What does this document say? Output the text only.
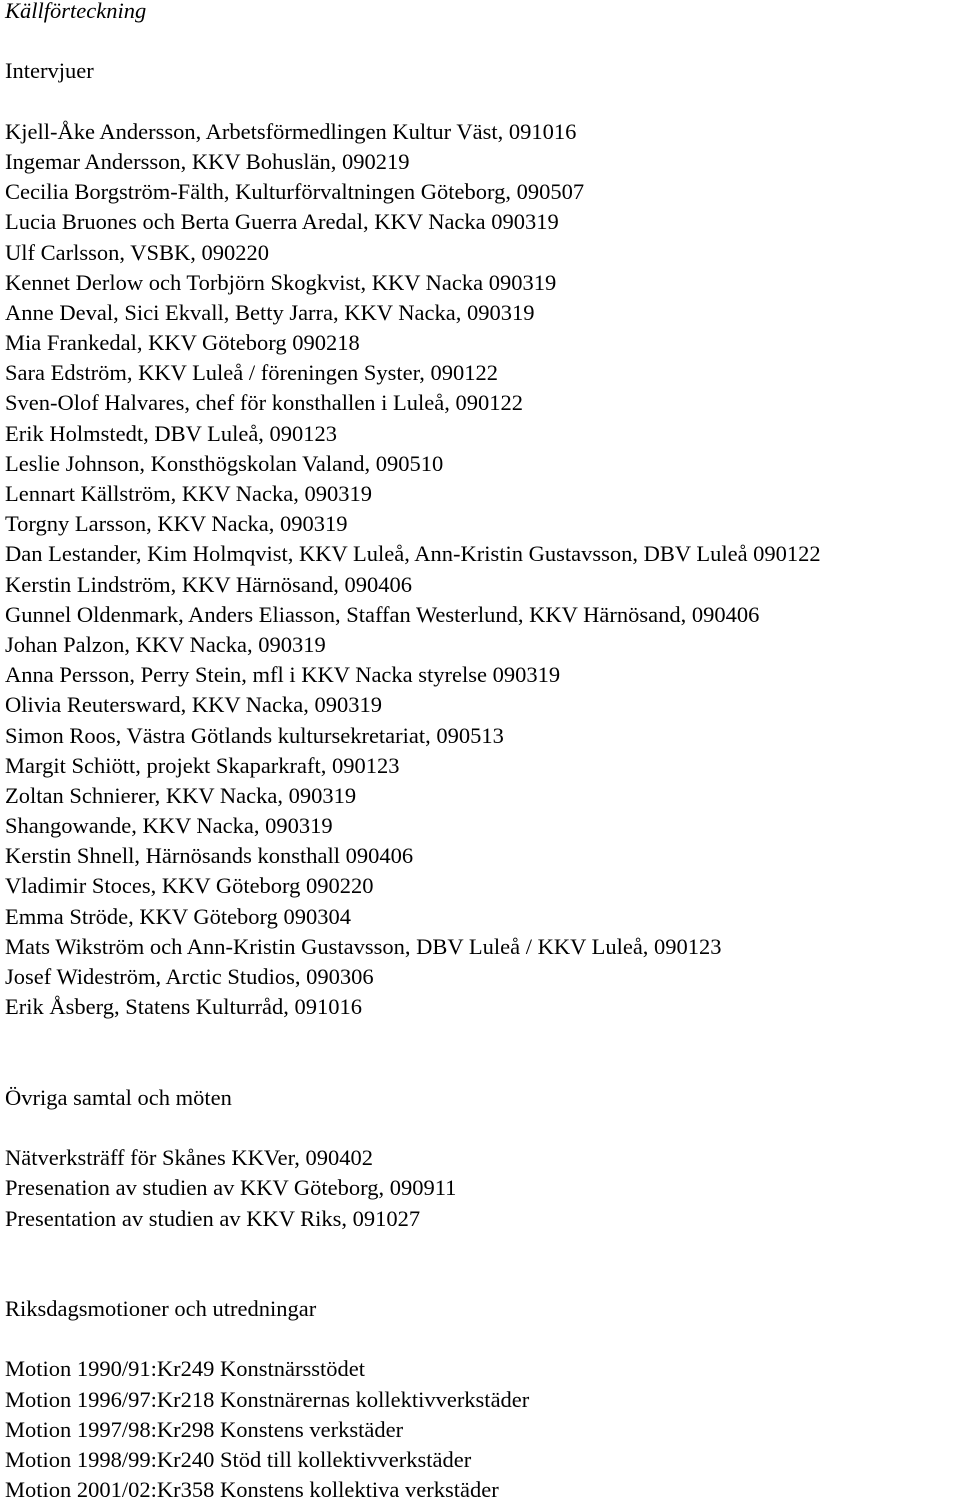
Källförteckning
Intervjuer
Kjell-Åke Andersson, Arbetsförmedlingen Kultur Väst, 091016
Ingemar Andersson, KKV Bohuslän, 090219
Cecilia Borgström-Fälth, Kulturförvaltningen Göteborg, 090507
Lucia Bruones och Berta Guerra Aredal, KKV Nacka 090319
Ulf Carlsson, VSBK, 090220
Kennet Derlow och Torbjörn Skogkvist, KKV Nacka 090319
Anne Deval, Sici Ekvall, Betty Jarra, KKV Nacka, 090319
Mia Frankedal, KKV Göteborg 090218
Sara Edström, KKV Luleå / föreningen Syster, 090122
Sven-Olof Halvares, chef för konsthallen i Luleå, 090122
Erik Holmstedt, DBV Luleå, 090123
Leslie Johnson, Konsthögskolan Valand, 090510
Lennart Källström, KKV Nacka, 090319
Torgny Larsson, KKV Nacka, 090319
Dan Lestander, Kim Holmqvist, KKV Luleå, Ann-Kristin Gustavsson, DBV Luleå 090122
Kerstin Lindström, KKV Härnösand, 090406
Gunnel Oldenmark, Anders Eliasson, Staffan Westerlund, KKV Härnösand, 090406
Johan Palzon, KKV Nacka, 090319
Anna Persson, Perry Stein, mfl i KKV Nacka styrelse 090319
Olivia Reutersward, KKV Nacka, 090319
Simon Roos, Västra Götlands kultursekretariat, 090513
Margit Schiött, projekt Skaparkraft, 090123
Zoltan Schnierer, KKV Nacka, 090319
Shangowande, KKV Nacka, 090319
Kerstin Shnell, Härnösands konsthall 090406
Vladimir Stoces, KKV Göteborg 090220
Emma Ströde, KKV Göteborg 090304
Mats Wikström och Ann-Kristin Gustavsson, DBV Luleå / KKV Luleå, 090123
Josef Wideström, Arctic Studios, 090306
Erik Åsberg, Statens Kulturråd, 091016
Övriga samtal och möten
Nätverksträff för Skånes KKVer, 090402
Presenation av studien av KKV Göteborg, 090911
Presentation av studien av KKV Riks, 091027
Riksdagsmotioner och utredningar
Motion 1990/91:Kr249 Konstnärsstödet
Motion 1996/97:Kr218 Konstnärernas kollektivverkstäder
Motion 1997/98:Kr298 Konstens verkstäder
Motion 1998/99:Kr240 Stöd till kollektivverkstäder
Motion 2001/02:Kr358 Konstens kollektiva verkstäder
